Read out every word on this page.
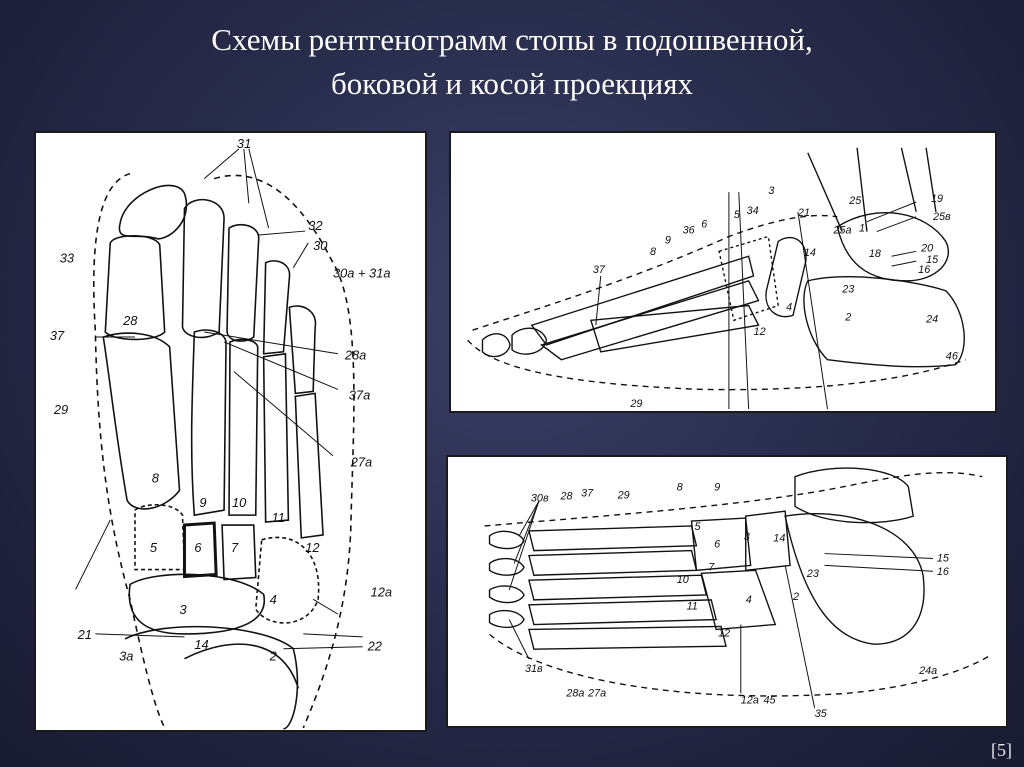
Схемы рентгенограмм стопы в подошвенной,
боковой и косой проекциях
31
32
30
30а + 31а
33
28
37
29
28а
37а
27а
8
9 10
11
12
5	6 7
4
12а
21
3
14
3а	2
22
3
34
5
6
36
9
8
21
25	19
25в
25а 1
14	18	20
15
16
23
37
4
12
2	24
46
29
30в 28 37 29
8	9
5
3 14
6
7
10	23
15
16
2
4
11
12
24а
31в
28а 27а
12а 45
35
[5]
